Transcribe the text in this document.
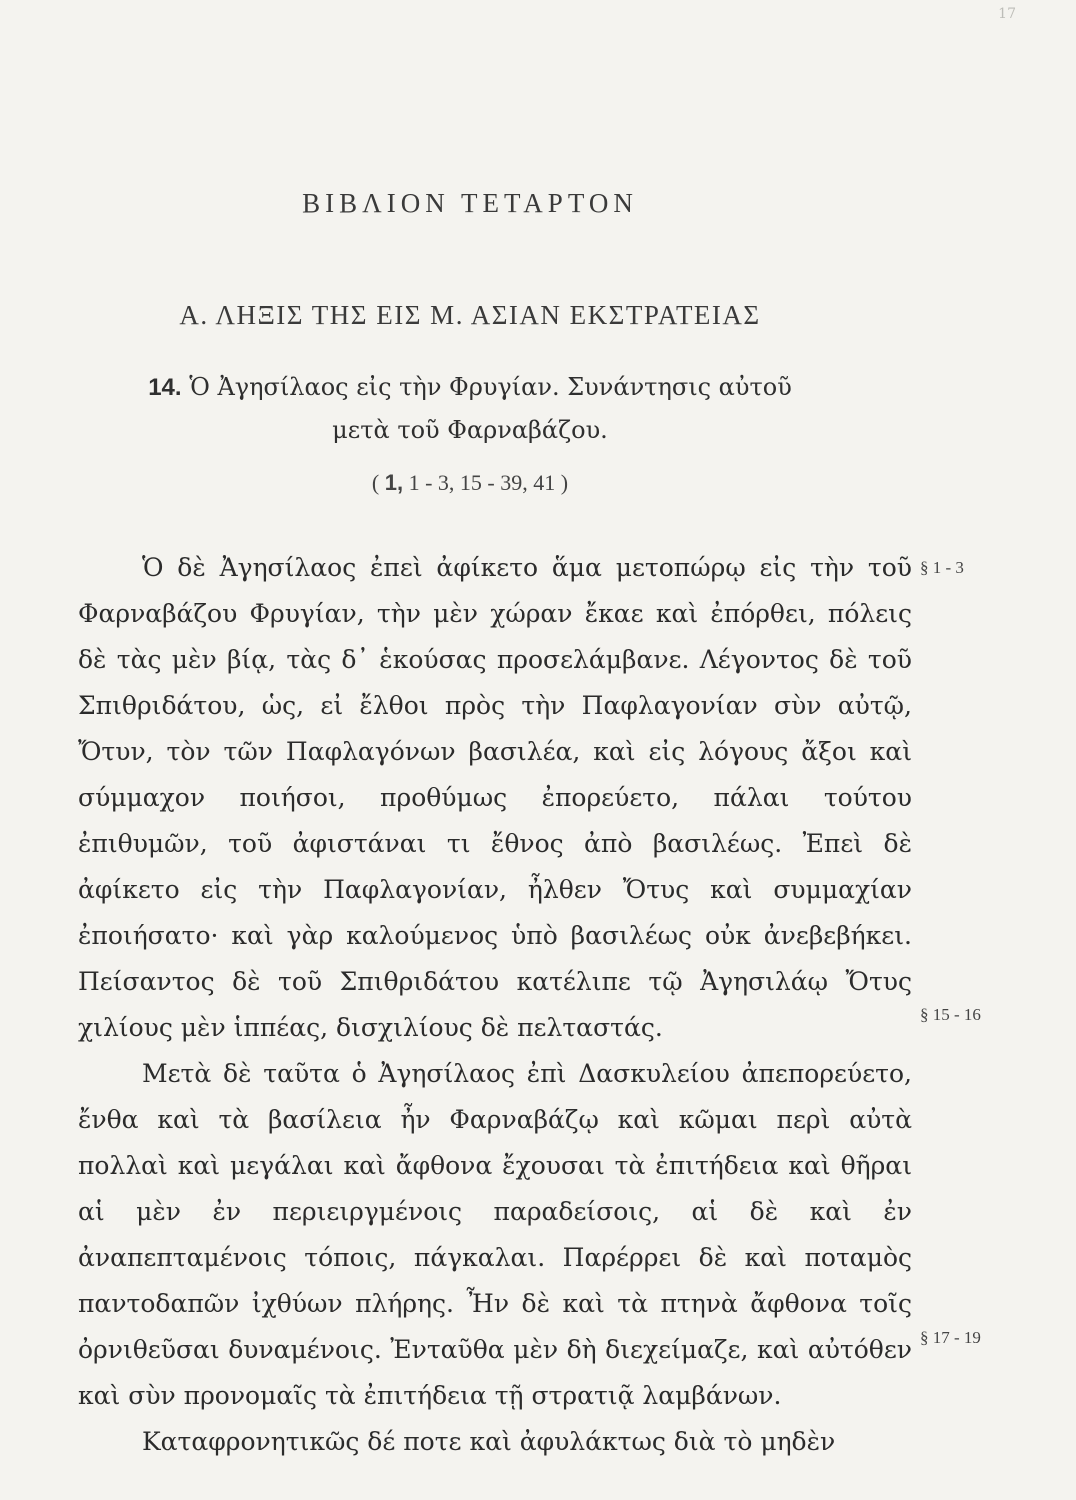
17
ΒΙΒΛΙΟΝ ΤΕΤΑΡΤΟΝ
Α. ΛΗΞΙΣ ΤΗΣ ΕΙΣ Μ. ΑΣΙΑΝ ΕΚΣΤΡΑΤΕΙΑΣ
14. Ὁ Ἀγησίλαος εἰς τὴν Φρυγίαν. Συνάντησις αὐτοῦ
μετὰ τοῦ Φαρναβάζου.
( 1, 1 - 3, 15 - 39, 41 )

Ὁ δὲ Ἀγησίλαος ἐπεὶ ἀφίκετο ἅμα μετοπώρῳ εἰς τὴν τοῦ Φαρναβάζου Φρυγίαν, τὴν μὲν χώραν ἔκαε καὶ ἐπόρθει, πόλεις δὲ τὰς μὲν βίᾳ, τὰς δ᾽ ἑκούσας προσελάμβανε. Λέγοντος δὲ τοῦ Σπιθριδάτου, ὡς, εἰ ἔλθοι πρὸς τὴν Παφλαγονίαν σὺν αὐτῷ, Ὄτυν, τὸν τῶν Παφλαγόνων βασιλέα, καὶ εἰς λόγους ἄξοι καὶ σύμμαχον ποιήσοι, προθύμως ἐπορεύετο, πάλαι τούτου ἐπιθυμῶν, τοῦ ἀφιστάναι τι ἔθνος ἀπὸ βασιλέως. Ἐπεὶ δὲ ἀφίκετο εἰς τὴν Παφλαγονίαν, ἦλθεν Ὄτυς καὶ συμμαχίαν ἐποιήσατο· καὶ γὰρ καλούμενος ὑπὸ βασιλέως οὐκ ἀνεβεβήκει. Πείσαντος δὲ τοῦ Σπιθριδάτου κατέλιπε τῷ Ἀγησιλάῳ Ὄτυς χιλίους μὲν ἱππέας, δισχιλίους δὲ πελταστάς.

Μετὰ δὲ ταῦτα ὁ Ἀγησίλαος ἐπὶ Δασκυλείου ἀπεπορεύετο, ἔνθα καὶ τὰ βασίλεια ἦν Φαρναβάζῳ καὶ κῶμαι περὶ αὐτὰ πολλαὶ καὶ μεγάλαι καὶ ἄφθονα ἔχουσαι τὰ ἐπιτήδεια καὶ θῆραι αἱ μὲν ἐν περιειργμένοις παραδείσοις, αἱ δὲ καὶ ἐν ἀναπεπταμένοις τόποις, πάγκαλαι. Παρέρρει δὲ καὶ ποταμὸς παντοδαπῶν ἰχθύων πλήρης. Ἦν δὲ καὶ τὰ πτηνὰ ἄφθονα τοῖς ὀρνιθεῦσαι δυναμένοις. Ἐνταῦθα μὲν δὴ διεχείμαζε, καὶ αὐτόθεν καὶ σὺν προνομαῖς τὰ ἐπιτήδεια τῇ στρατιᾷ λαμβάνων.

Καταφρονητικῶς δέ ποτε καὶ ἀφυλάκτως διὰ τὸ μηδὲν

§ 1 - 3
§ 15 - 16
§ 17 - 19
